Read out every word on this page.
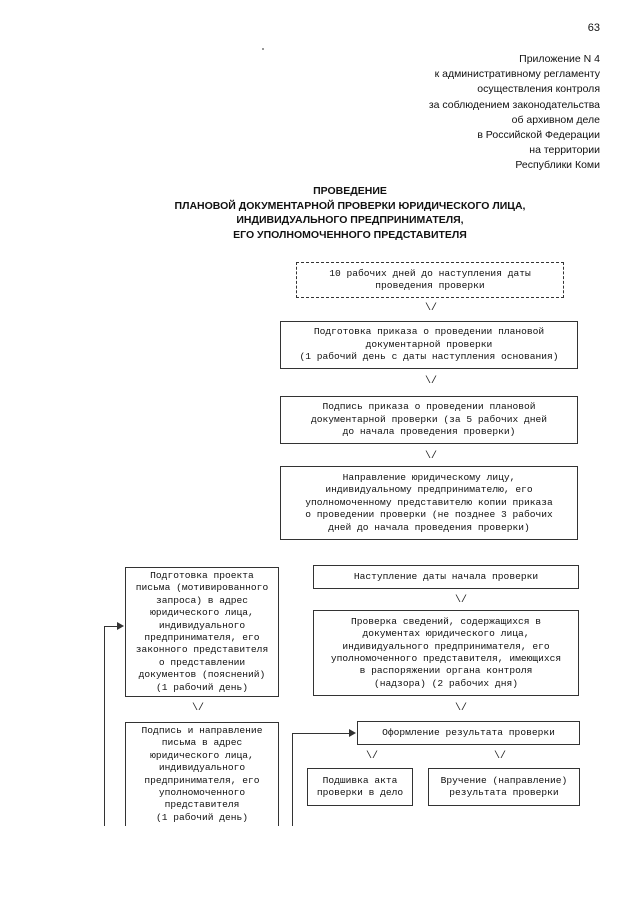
63
Приложение N 4
к административному регламенту
осуществления контроля
за соблюдением законодательства
об архивном деле
в Российской Федерации
на территории
Республики Коми
ПРОВЕДЕНИЕ
ПЛАНОВОЙ ДОКУМЕНТАРНОЙ ПРОВЕРКИ ЮРИДИЧЕСКОГО ЛИЦА,
ИНДИВИДУАЛЬНОГО ПРЕДПРИНИМАТЕЛЯ,
ЕГО УПОЛНОМОЧЕННОГО ПРЕДСТАВИТЕЛЯ
10 рабочих дней до наступления даты
проведения проверки
\/
Подготовка приказа о проведении плановой
документарной проверки
(1 рабочий день с даты наступления основания)
\/
Подпись приказа о проведении плановой
документарной проверки (за 5 рабочих дней
до начала проведения проверки)
\/
Направление юридическому лицу,
индивидуальному предпринимателю, его
уполномоченному представителю копии приказа
о проведении проверки (не позднее 3 рабочих
дней до начала проведения проверки)
Наступление даты начала проверки
\/
Проверка сведений, содержащихся в
документах юридического лица,
индивидуального предпринимателя, его
уполномоченного представителя, имеющихся
в распоряжении органа контроля
(надзора) (2 рабочих дня)
\/
Подготовка проекта
письма (мотивированного
запроса) в адрес
юридического лица,
индивидуального
предпринимателя, его
законного представителя
о представлении
документов (пояснений)
(1 рабочий день)
\/
Подпись и направление
письма в адрес
юридического лица,
индивидуального
предпринимателя, его
уполномоченного
представителя
(1 рабочий день)
Оформление результата проверки
\/	\/
Подшивка акта
проверки в дело
Вручение (направление)
результата проверки
